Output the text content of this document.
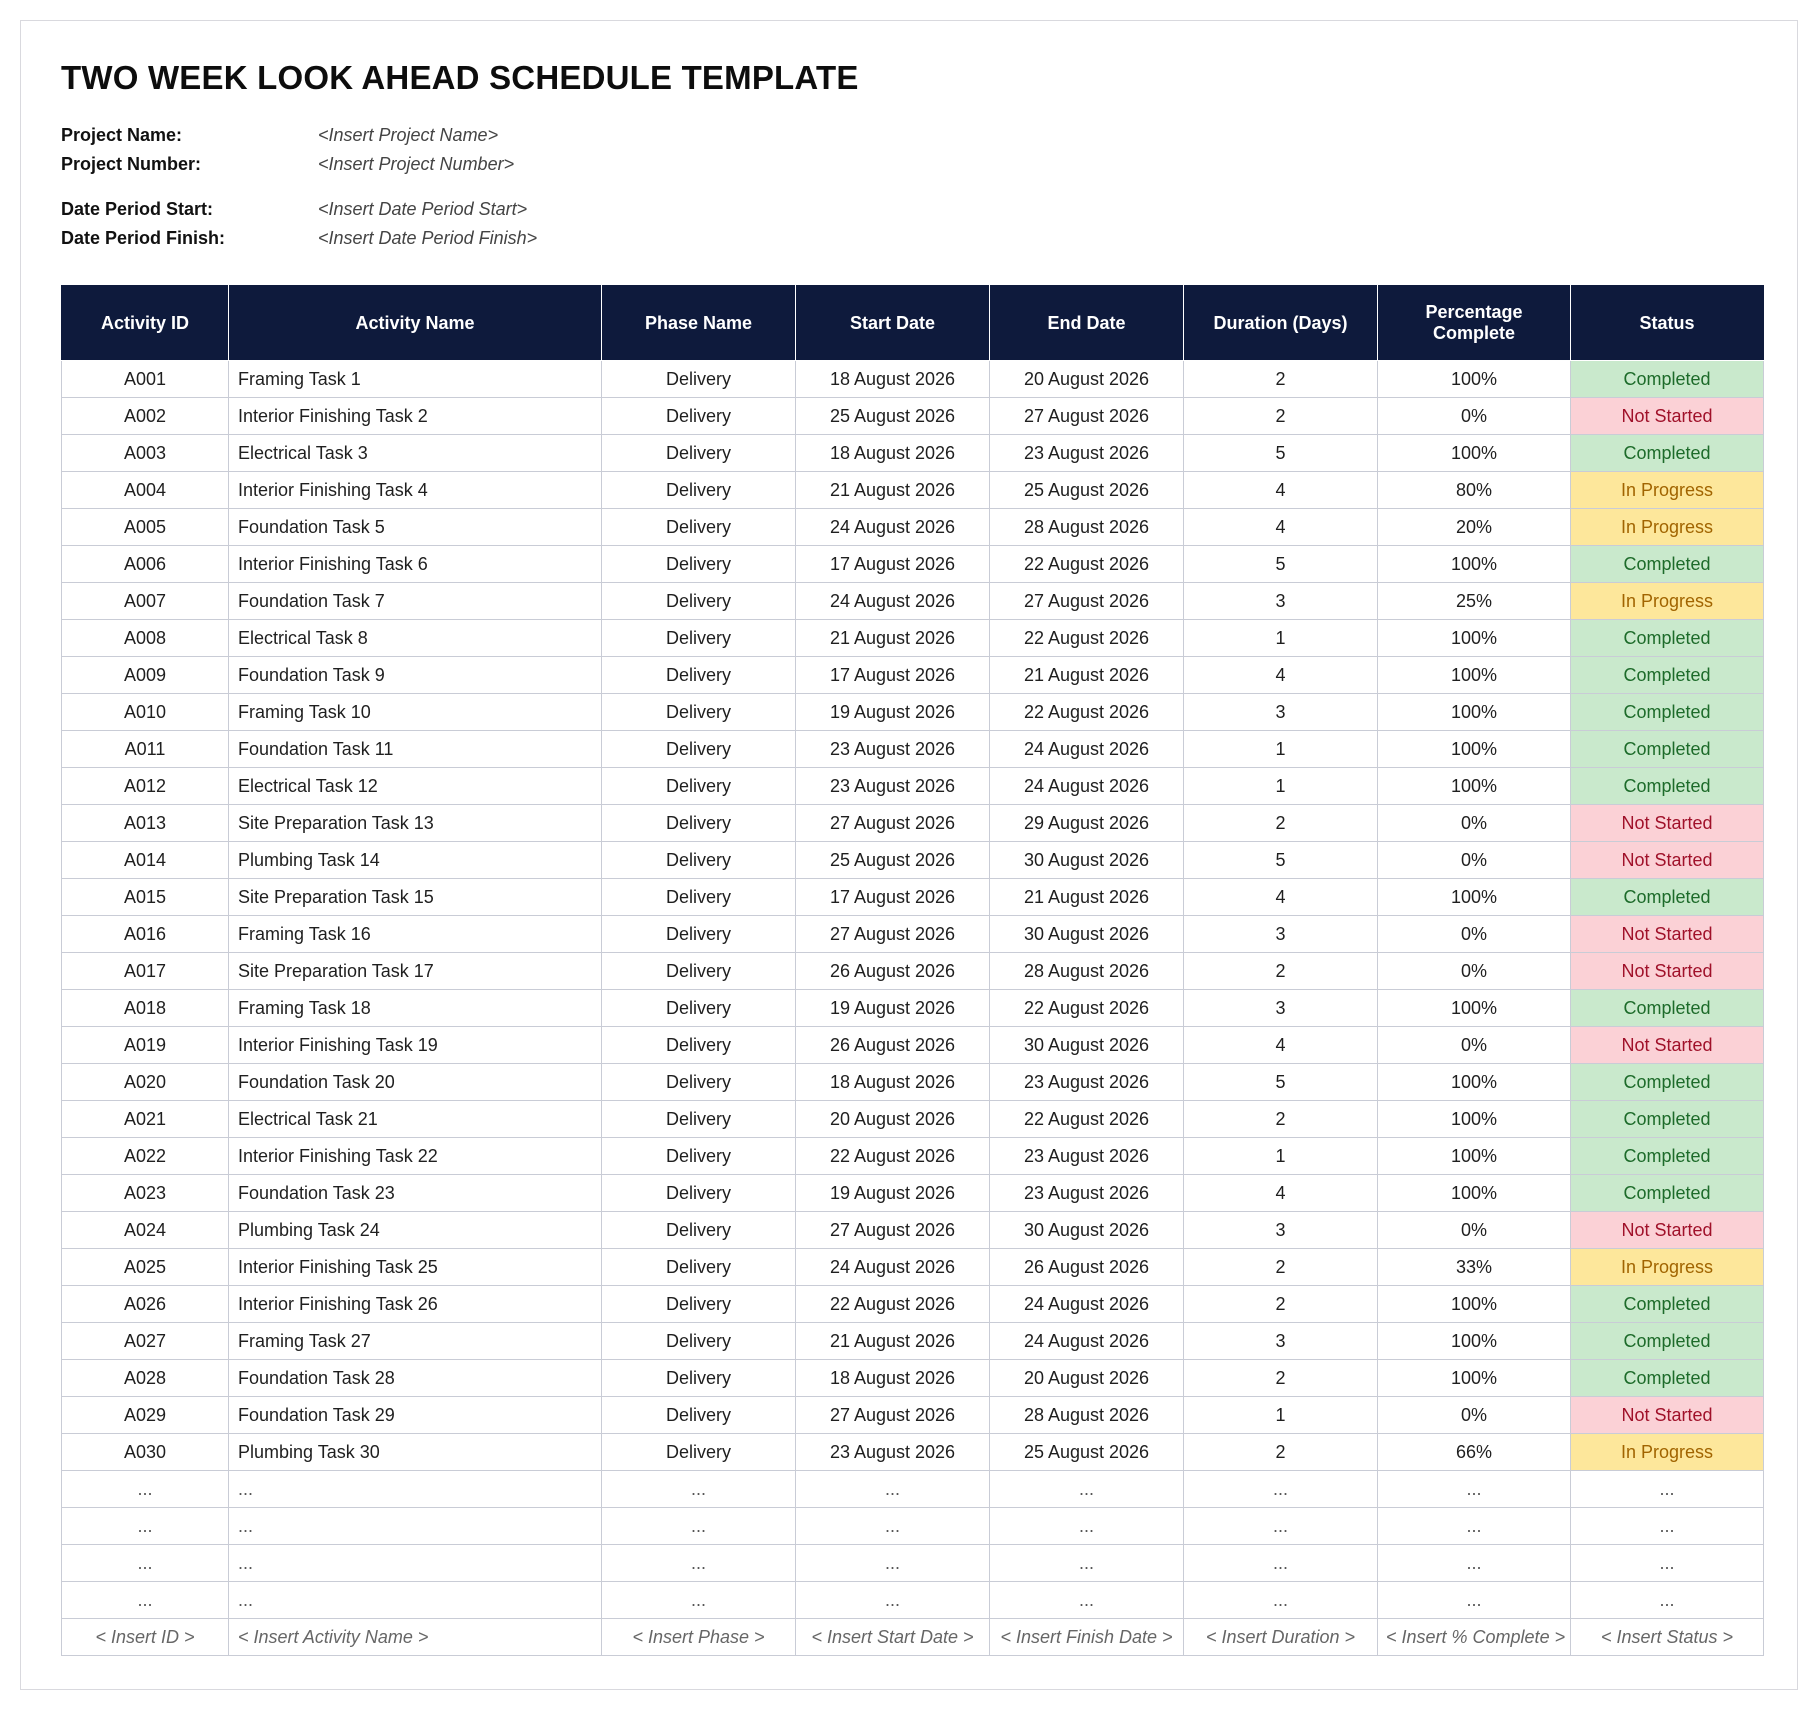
TWO WEEK LOOK AHEAD SCHEDULE TEMPLATE
Project Name:	<Insert Project Name>
Project Number:	<Insert Project Number>
Date Period Start:	<Insert Date Period Start>
Date Period Finish:	<Insert Date Period Finish>
Activity ID	Activity Name	Phase Name	Start Date	End Date	Duration (Days)	Percentage Complete	Status
A001	Framing Task 1	Delivery	18 August 2026	20 August 2026	2	100%	Completed
A002	Interior Finishing Task 2	Delivery	25 August 2026	27 August 2026	2	0%	Not Started
A003	Electrical Task 3	Delivery	18 August 2026	23 August 2026	5	100%	Completed
A004	Interior Finishing Task 4	Delivery	21 August 2026	25 August 2026	4	80%	In Progress
A005	Foundation Task 5	Delivery	24 August 2026	28 August 2026	4	20%	In Progress
A006	Interior Finishing Task 6	Delivery	17 August 2026	22 August 2026	5	100%	Completed
A007	Foundation Task 7	Delivery	24 August 2026	27 August 2026	3	25%	In Progress
A008	Electrical Task 8	Delivery	21 August 2026	22 August 2026	1	100%	Completed
A009	Foundation Task 9	Delivery	17 August 2026	21 August 2026	4	100%	Completed
A010	Framing Task 10	Delivery	19 August 2026	22 August 2026	3	100%	Completed
A011	Foundation Task 11	Delivery	23 August 2026	24 August 2026	1	100%	Completed
A012	Electrical Task 12	Delivery	23 August 2026	24 August 2026	1	100%	Completed
A013	Site Preparation Task 13	Delivery	27 August 2026	29 August 2026	2	0%	Not Started
A014	Plumbing Task 14	Delivery	25 August 2026	30 August 2026	5	0%	Not Started
A015	Site Preparation Task 15	Delivery	17 August 2026	21 August 2026	4	100%	Completed
A016	Framing Task 16	Delivery	27 August 2026	30 August 2026	3	0%	Not Started
A017	Site Preparation Task 17	Delivery	26 August 2026	28 August 2026	2	0%	Not Started
A018	Framing Task 18	Delivery	19 August 2026	22 August 2026	3	100%	Completed
A019	Interior Finishing Task 19	Delivery	26 August 2026	30 August 2026	4	0%	Not Started
A020	Foundation Task 20	Delivery	18 August 2026	23 August 2026	5	100%	Completed
A021	Electrical Task 21	Delivery	20 August 2026	22 August 2026	2	100%	Completed
A022	Interior Finishing Task 22	Delivery	22 August 2026	23 August 2026	1	100%	Completed
A023	Foundation Task 23	Delivery	19 August 2026	23 August 2026	4	100%	Completed
A024	Plumbing Task 24	Delivery	27 August 2026	30 August 2026	3	0%	Not Started
A025	Interior Finishing Task 25	Delivery	24 August 2026	26 August 2026	2	33%	In Progress
A026	Interior Finishing Task 26	Delivery	22 August 2026	24 August 2026	2	100%	Completed
A027	Framing Task 27	Delivery	21 August 2026	24 August 2026	3	100%	Completed
A028	Foundation Task 28	Delivery	18 August 2026	20 August 2026	2	100%	Completed
A029	Foundation Task 29	Delivery	27 August 2026	28 August 2026	1	0%	Not Started
A030	Plumbing Task 30	Delivery	23 August 2026	25 August 2026	2	66%	In Progress
...	...	...	...	...	...	...	...
...	...	...	...	...	...	...	...
...	...	...	...	...	...	...	...
...	...	...	...	...	...	...	...
< Insert ID >	< Insert Activity Name >	< Insert Phase >	< Insert Start Date >	< Insert Finish Date >	< Insert Duration >	< Insert % Complete >	< Insert Status >
